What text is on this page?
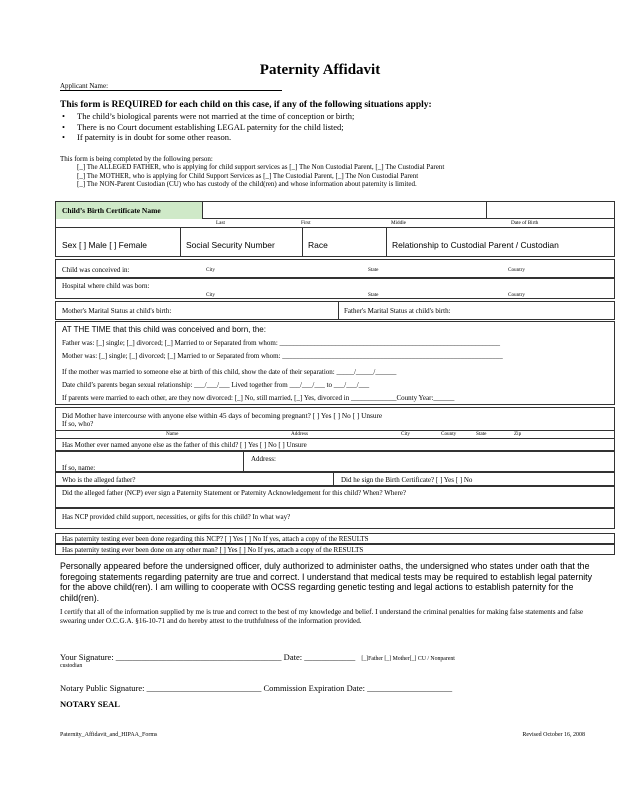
Paternity Affidavit
Applicant Name:
This form is REQUIRED for each child on this case, if any of the following situations apply:
• The child’s biological parents were not married at the time of conception or birth;
• There is no Court document establishing LEGAL paternity for the child listed;
• If paternity is in doubt for some other reason.
This form is being completed by the following person:
[_] The ALLEGED FATHER, who is applying for child support services as [_] The Non Custodial Parent, [_] The Custodial Parent
[_] The MOTHER, who is applying for Child Support Services as [_] The Custodial Parent, [_] The Non Custodial Parent
[_] The NON-Parent Custodian (CU) who has custody of the child(ren) and whose information about paternity is limited.
Child’s Birth Certificate Name
Last	First	Middle	Date of Birth
Sex [ ] Male [ ] Female	Social Security Number	Race	Relationship to Custodial Parent / Custodian
Child was conceived in:	City	State	Country
Hospital where child was born:
City	State	Country
Mother's Marital Status at child's birth:	Father's Marital Status at child's birth:
AT THE TIME that this child was conceived and born, the:
Father was: [_] single; [_] divorced; [_] Married to or Separated from whom: _______________________________________________________________
Mother was: [_] single; [_] divorced; [_] Married to or Separated from whom: _______________________________________________________________
If the mother was married to someone else at birth of this child, show the date of their separation: _____/_____/______
Date child’s parents began sexual relationship: ___/___/___ Lived together from ___/___/___ to ___/___/___
If parents were married to each other, are they now divorced: [_] No, still married, [_] Yes, divorced in _____________County Year:______
Did Mother have intercourse with anyone else within 45 days of becoming pregnant? [ ] Yes [ ] No [ ] Unsure
If so, who?
Name	Address	City	County	State	Zip
Has Mother ever named anyone else as the father of this child? [ ] Yes [ ] No [ ] Unsure
If so, name:
Address:
Who is the alleged father?	Did he sign the Birth Certificate? [ ] Yes [ ] No
Did the alleged father (NCP) ever sign a Paternity Statement or Paternity Acknowledgement for this child? When? Where?
Has NCP provided child support, necessities, or gifts for this child? In what way?
Has paternity testing ever been done regarding this NCP? [ ] Yes [ ] No If yes, attach a copy of the RESULTS
Has paternity testing ever been done on any other man? [ ] Yes [ ] No If yes, attach a copy of the RESULTS
Personally appeared before the undersigned officer, duly authorized to administer oaths, the undersigned who states under oath that the foregoing statements regarding paternity are true and correct. I understand that medical tests may be required to establish legal paternity for the above child(ren). I am willing to cooperate with OCSS regarding genetic testing and legal actions to establish paternity for the child(ren).
I certify that all of the information supplied by me is true and correct to the best of my knowledge and belief. I understand the criminal penalties for making false statements and false swearing under O.C.G.A. §16-10-71 and do hereby attest to the truthfulness of the information provided.
Your Signature: _______________________________________ Date: ____________ [_]Father [_] Mother[_] CU / Nonparent
custodian
Notary Public Signature: ___________________________ Commission Expiration Date: ____________________
NOTARY SEAL
Paternity_Affidavit_and_HIPAA_Forms	Revised October 16, 2008
